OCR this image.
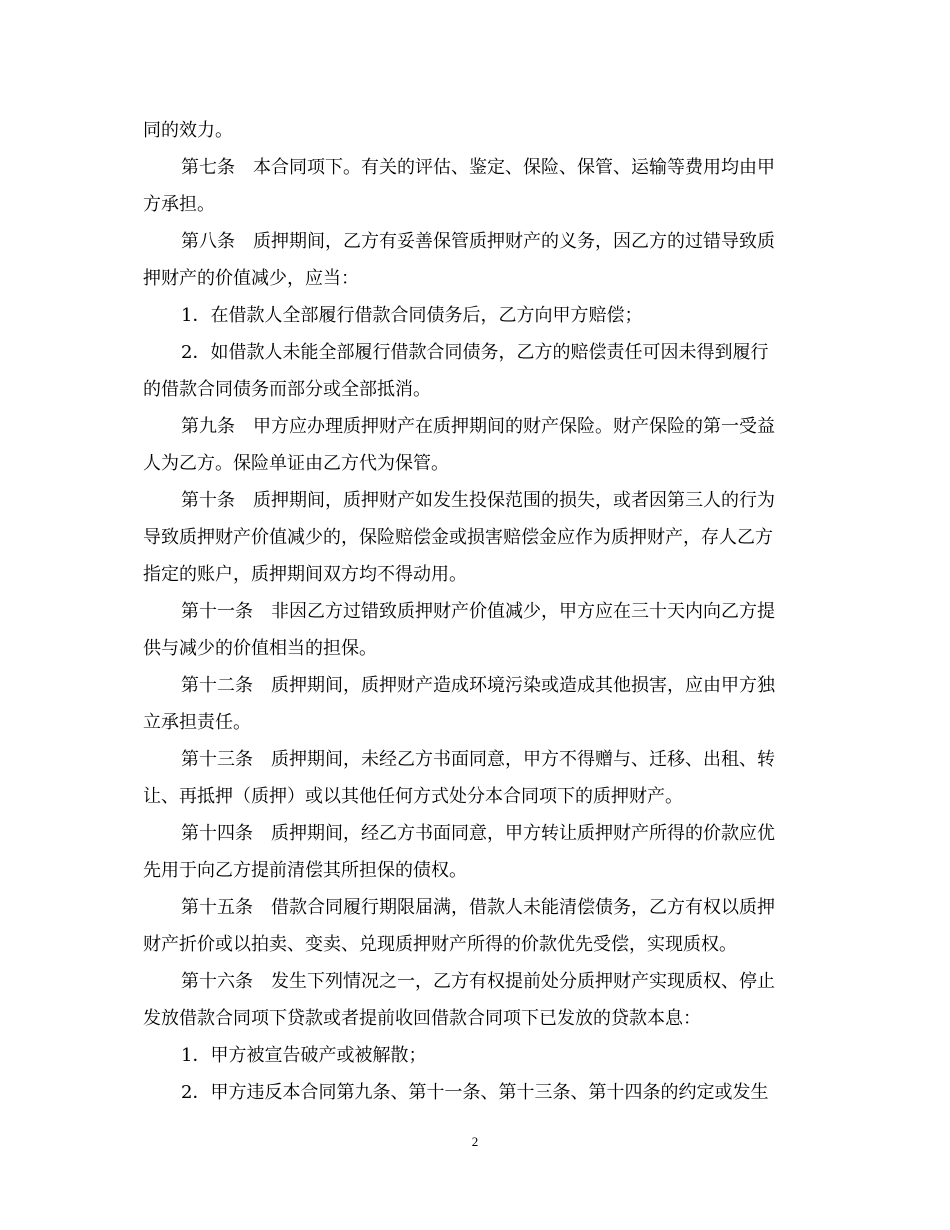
同的效力。
第七条　本合同项下。有关的评估、鉴定、保险、保管、运输等费用均由甲
方承担。
第八条　质押期间，乙方有妥善保管质押财产的义务，因乙方的过错导致质
押财产的价值减少，应当：
1．在借款人全部履行借款合同债务后，乙方向甲方赔偿；
2．如借款人未能全部履行借款合同债务，乙方的赔偿责任可因未得到履行
的借款合同债务而部分或全部抵消。
第九条　甲方应办理质押财产在质押期间的财产保险。财产保险的第一受益
人为乙方。保险单证由乙方代为保管。
第十条　质押期间，质押财产如发生投保范围的损失，或者因第三人的行为
导致质押财产价值减少的，保险赔偿金或损害赔偿金应作为质押财产，存人乙方
指定的账户，质押期间双方均不得动用。
第十一条　非因乙方过错致质押财产价值减少，甲方应在三十天内向乙方提
供与减少的价值相当的担保。
第十二条　质押期间，质押财产造成环境污染或造成其他损害，应由甲方独
立承担责任。
第十三条　质押期间，未经乙方书面同意，甲方不得赠与、迁移、出租、转
让、再抵押（质押）或以其他任何方式处分本合同项下的质押财产。
第十四条　质押期间，经乙方书面同意，甲方转让质押财产所得的价款应优
先用于向乙方提前清偿其所担保的债权。
第十五条　借款合同履行期限届满，借款人未能清偿债务，乙方有权以质押
财产折价或以拍卖、变卖、兑现质押财产所得的价款优先受偿，实现质权。
第十六条　发生下列情况之一，乙方有权提前处分质押财产实现质权、停止
发放借款合同项下贷款或者提前收回借款合同项下已发放的贷款本息：
1．甲方被宣告破产或被解散；
2．甲方违反本合同第九条、第十一条、第十三条、第十四条的约定或发生
2
